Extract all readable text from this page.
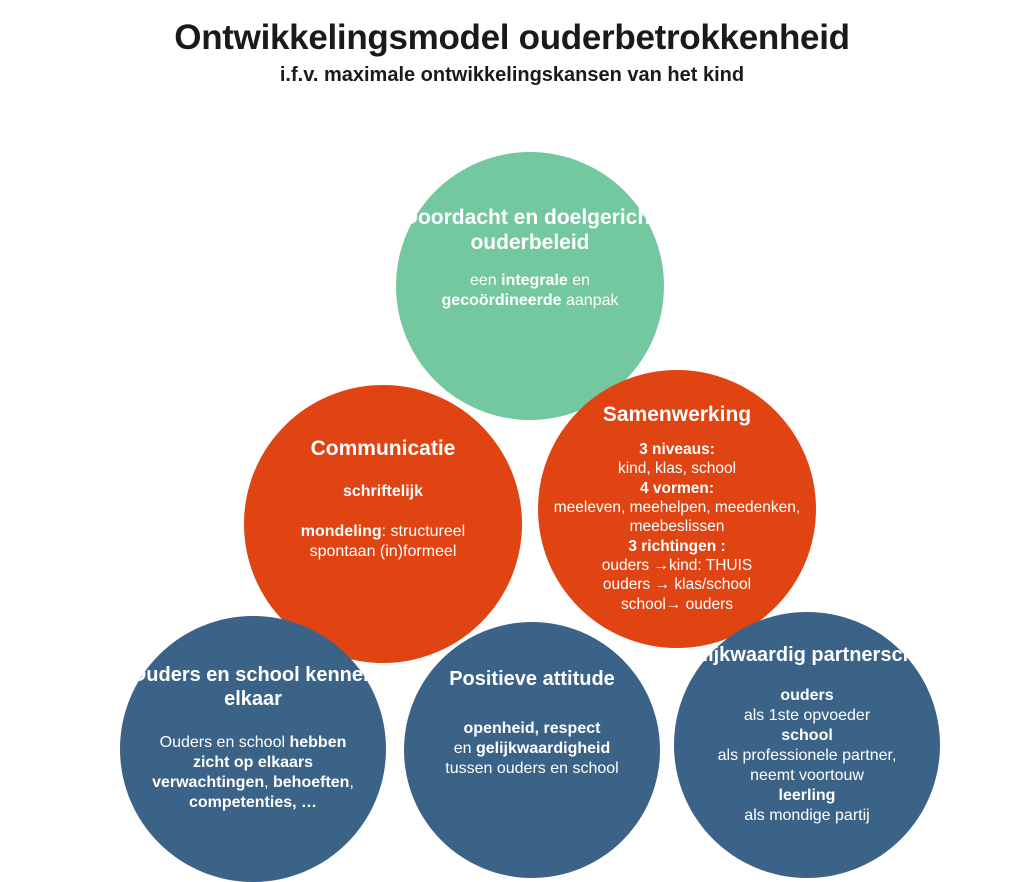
Ontwikkelingsmodel ouderbetrokkenheid
i.f.v. maximale ontwikkelingskansen van het kind
Doordacht en doelgericht ouderbeleid
een integrale en gecoördineerde aanpak
Communicatie
schriftelijk

mondeling: structureel spontaan (in)formeel
Samenwerking
3 niveaus:
kind, klas, school
4 vormen:
meeleven, meehelpen, meedenken, meebeslissen
3 richtingen :
ouders →kind: THUIS
ouders → klas/school
school→ ouders
Ouders en school kennen elkaar
Ouders en school hebben zicht op elkaars verwachtingen, behoeften, competenties, …
Positieve attitude
openheid, respect
en gelijkwaardigheid
tussen ouders en school
Gelijkwaardig partnerschap
ouders
als 1ste opvoeder
school
als professionele partner, neemt voortouw
leerling
als mondige partij
